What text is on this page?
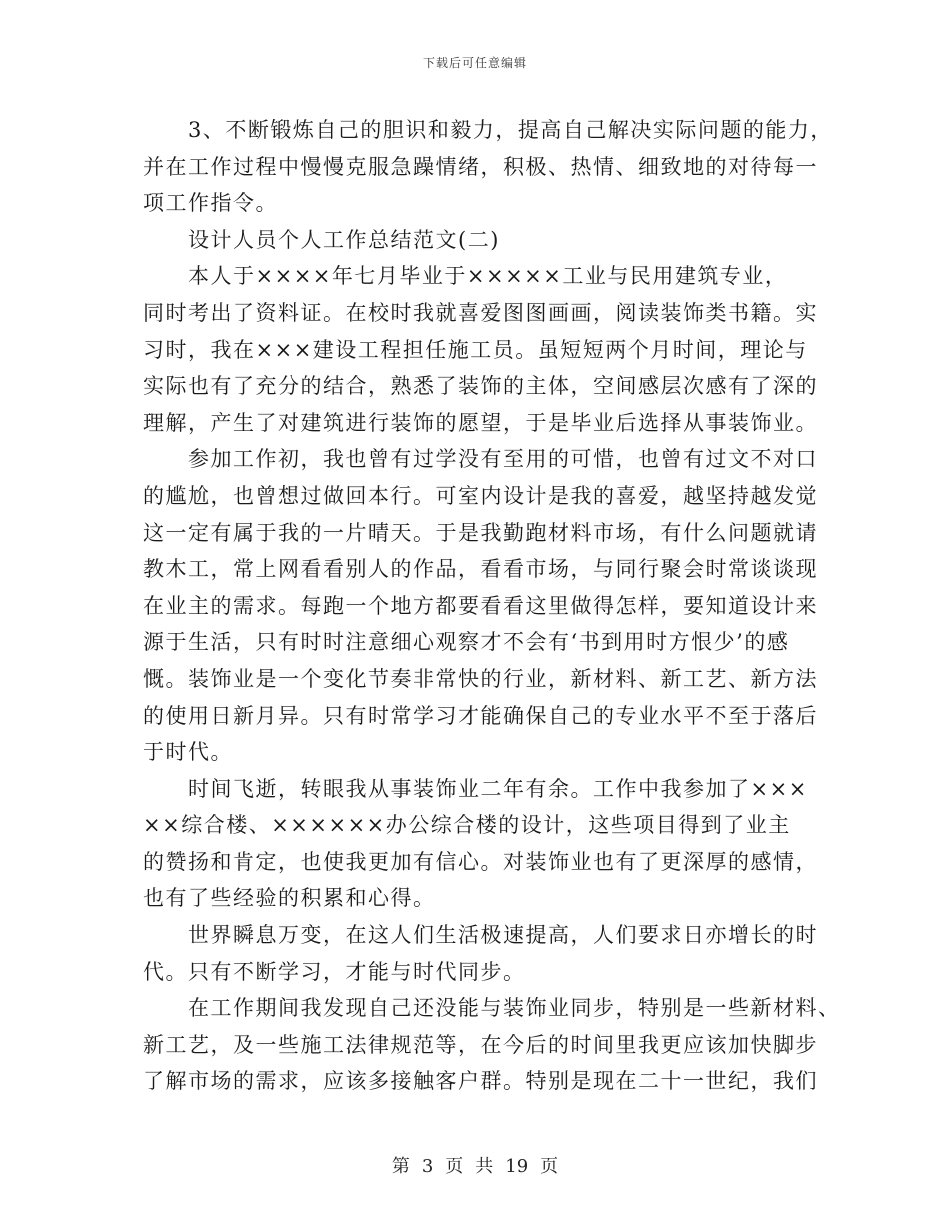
下载后可任意编辑
3、不断锻炼自己的胆识和毅力，提高自己解决实际问题的能力，
并在工作过程中慢慢克服急躁情绪，积极、热情、细致地的对待每一
项工作指令。
设计人员个人工作总结范文(二)
本人于××××年七月毕业于×××××工业与民用建筑专业，
同时考出了资料证。在校时我就喜爱图图画画，阅读装饰类书籍。实
习时，我在×××建设工程担任施工员。虽短短两个月时间，理论与
实际也有了充分的结合，熟悉了装饰的主体，空间感层次感有了深的
理解，产生了对建筑进行装饰的愿望，于是毕业后选择从事装饰业。
参加工作初，我也曾有过学没有至用的可惜，也曾有过文不对口
的尴尬，也曾想过做回本行。可室内设计是我的喜爱，越坚持越发觉
这一定有属于我的一片晴天。于是我勤跑材料市场，有什么问题就请
教木工，常上网看看别人的作品，看看市场，与同行聚会时常谈谈现
在业主的需求。每跑一个地方都要看看这里做得怎样，要知道设计来
源于生活，只有时时注意细心观察才不会有‘书到用时方恨少’的感
慨。装饰业是一个变化节奏非常快的行业，新材料、新工艺、新方法
的使用日新月异。只有时常学习才能确保自己的专业水平不至于落后
于时代。
时间飞逝，转眼我从事装饰业二年有余。工作中我参加了×××
××综合楼、××××××办公综合楼的设计，这些项目得到了业主
的赞扬和肯定，也使我更加有信心。对装饰业也有了更深厚的感情，
也有了些经验的积累和心得。
世界瞬息万变，在这人们生活极速提高，人们要求日亦增长的时
代。只有不断学习，才能与时代同步。
在工作期间我发现自己还没能与装饰业同步，特别是一些新材料、
新工艺，及一些施工法律规范等，在今后的时间里我更应该加快脚步
了解市场的需求，应该多接触客户群。特别是现在二十一世纪，我们
第 3 页 共 19 页
